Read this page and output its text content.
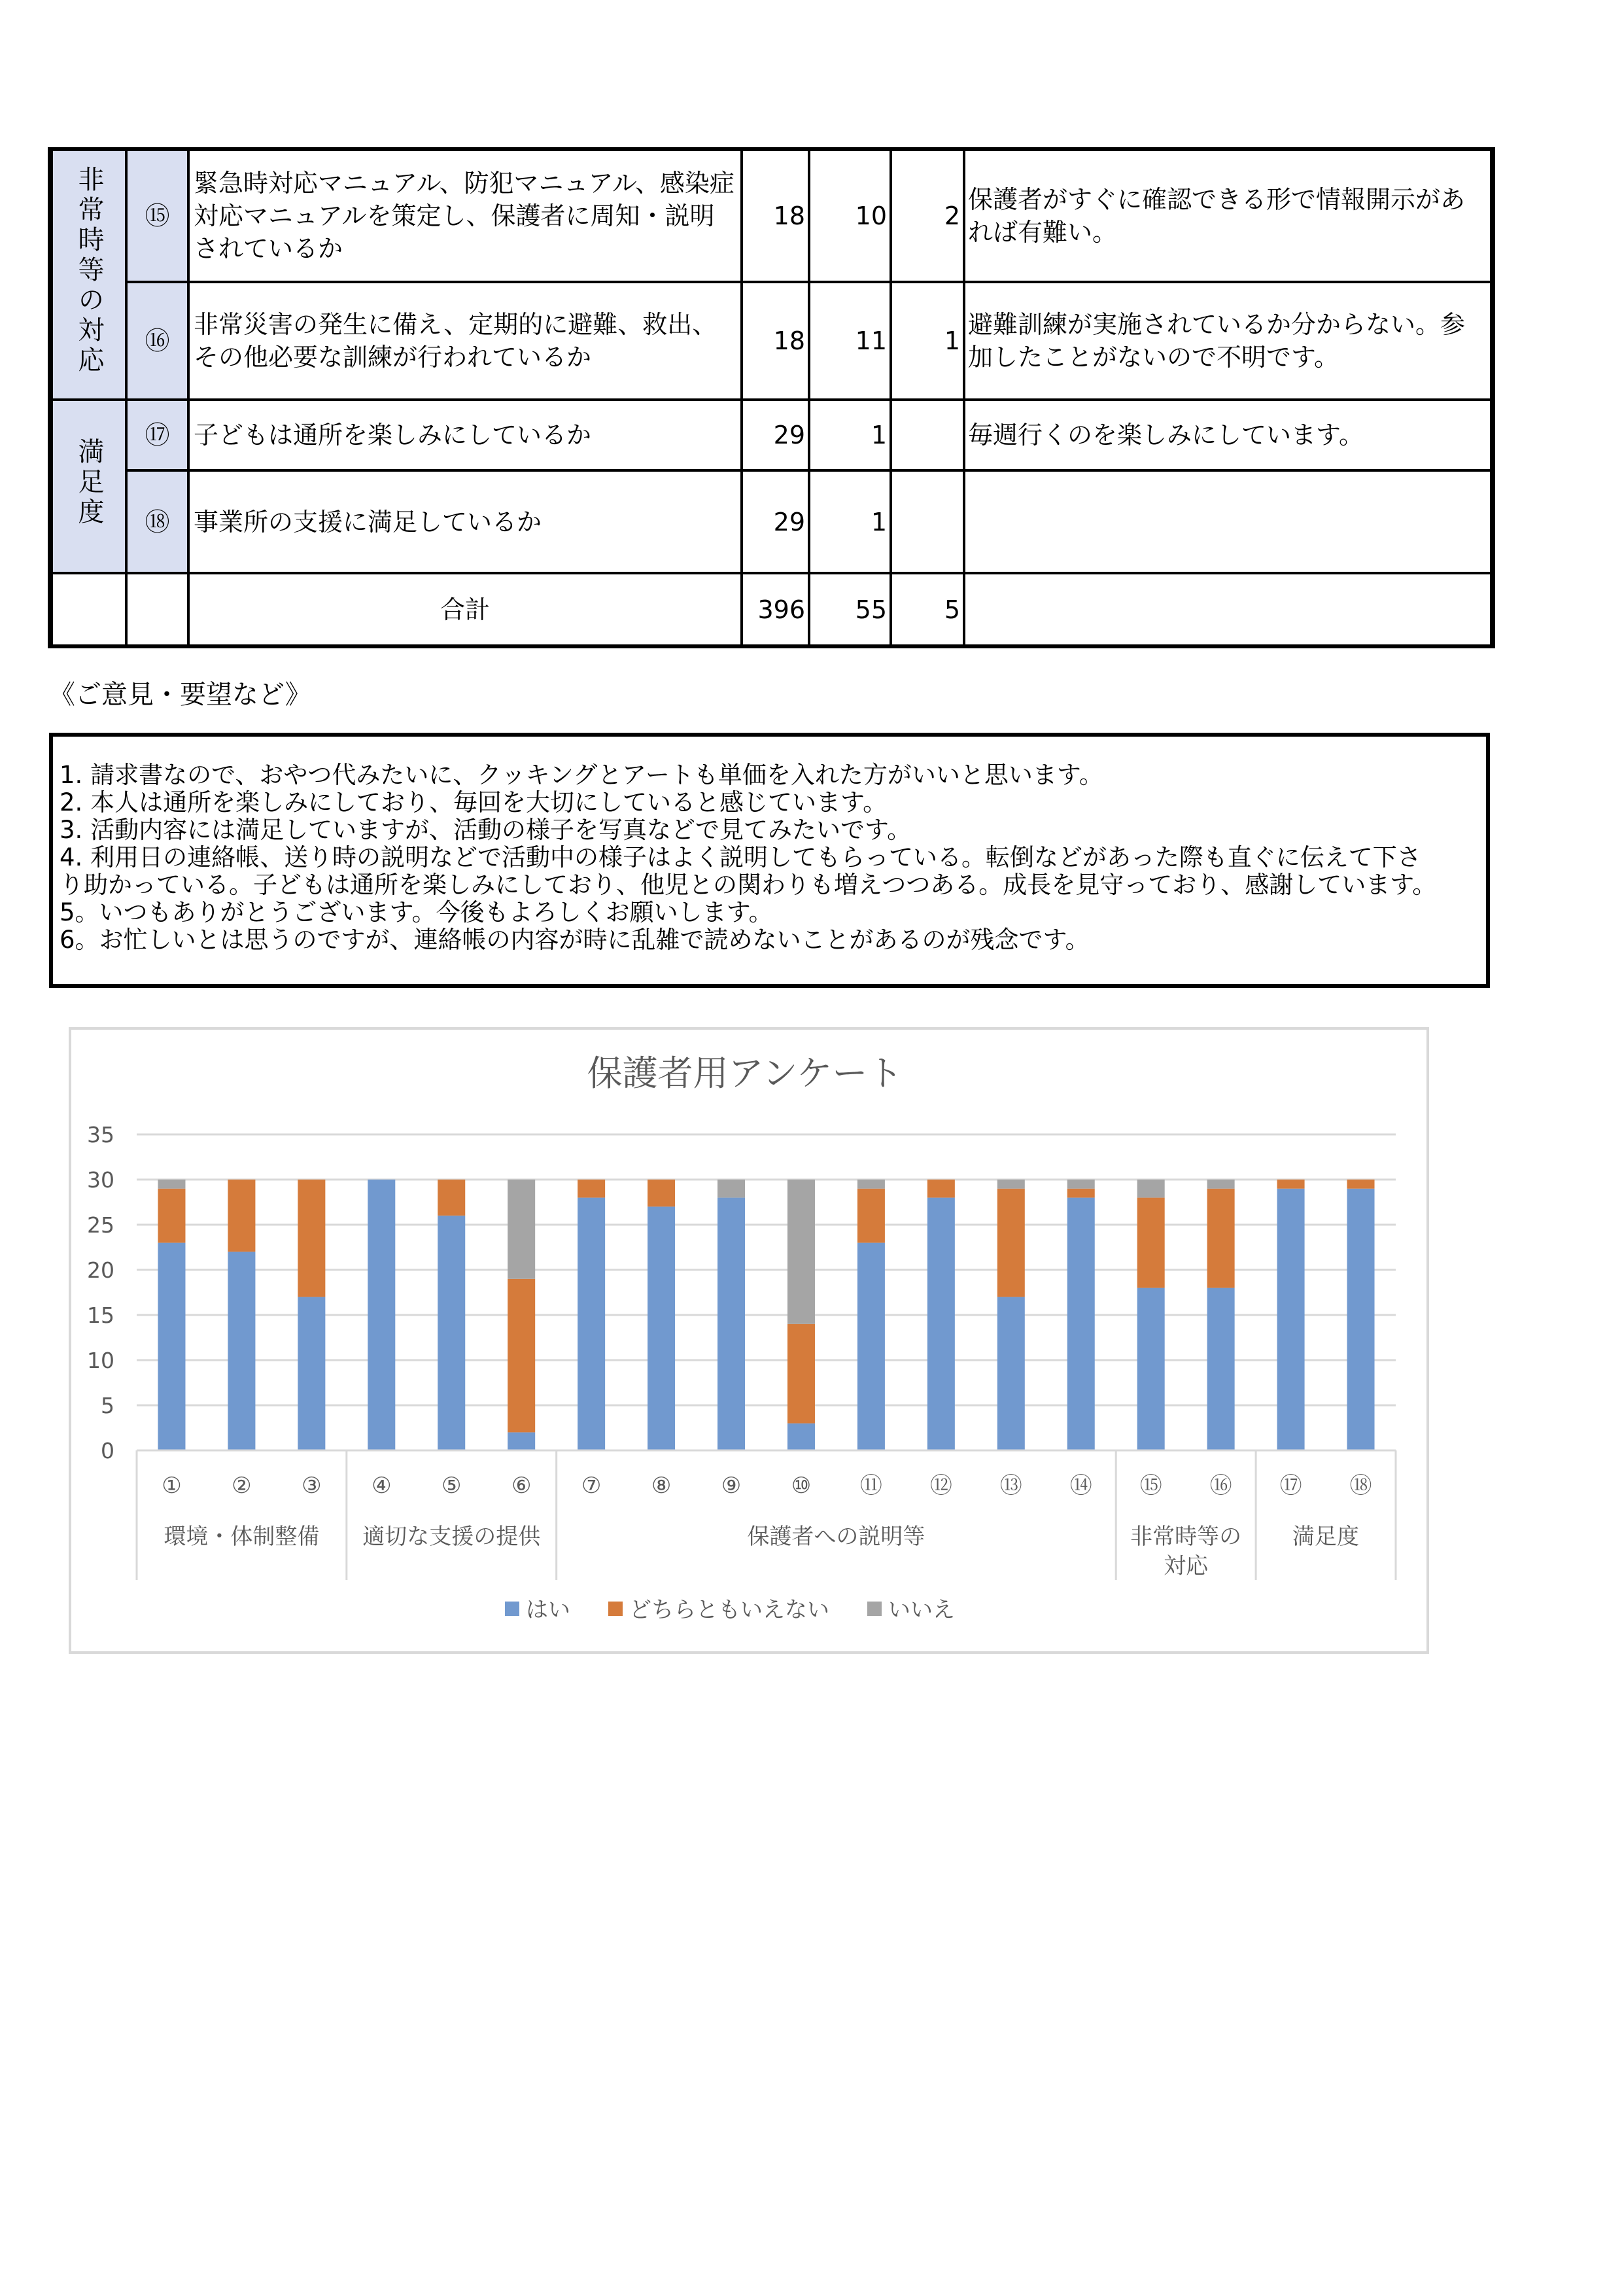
非常時等の対応	⑮	緊急時対応マニュアル、防犯マニュアル、感染症対応マニュアルを策定し、保護者に周知・説明されているか	18	10	2	保護者がすぐに確認できる形で情報開示があれば有難い。
	⑯	非常災害の発生に備え、定期的に避難、救出、その他必要な訓練が行われているか	18	11	1	避難訓練が実施されているか分からない。参加したことがないので不明です。
満足度	⑰	子どもは通所を楽しみにしているか	29	1		毎週行くのを楽しみにしています。
	⑱	事業所の支援に満足しているか	29	1		
		合計	396	55	5	
《ご意見・要望など》
1. 請求書なので、おやつ代みたいに、クッキングとアートも単価を入れた方がいいと思います。
2. 本人は通所を楽しみにしており、毎回を大切にしていると感じています。
3. 活動内容には満足していますが、活動の様子を写真などで見てみたいです。
4. 利用日の連絡帳、送り時の説明などで活動中の様子はよく説明してもらっている。転倒などがあった際も直ぐに伝えて下さ
り助かっている。子どもは通所を楽しみにしており、他児との関わりも増えつつある。成長を見守っており、感謝しています。
5。いつもありがとうございます。今後もよろしくお願いします。
6。お忙しいとは思うのですが、連絡帳の内容が時に乱雑で読めないことがあるのが残念です。
保護者用アンケート
0
5
10
15
20
25
30
35
① ② ③ ④ ⑤ ⑥ ⑦ ⑧ ⑨ ⑩ ⑪ ⑫ ⑬ ⑭ ⑮ ⑯ ⑰ ⑱
環境・体制整備 適切な支援の提供	保護者への説明等	非常時等の対応
満足度
はい	どちらともいえない	いいえ
